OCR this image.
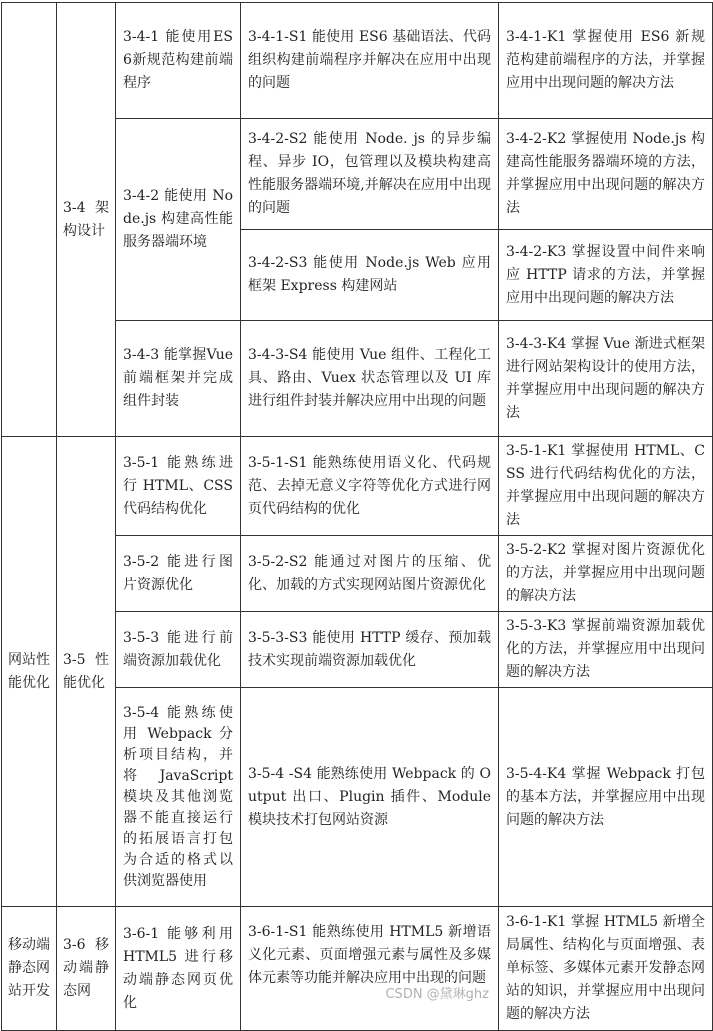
	3-4 架构设计	3-4-1 能使用ES6新规范构建前端程序	3-4-1-S1 能使用 ES6 基础语法、代码组织构建前端程序并解决在应用中出现的问题	3-4-1-K1 掌握使用 ES6 新规范构建前端程序的方法，并掌握应用中出现问题的解决方法
		3-4-2 能使用 Node.js 构建高性能服务器端环境	3-4-2-S2 能使用 Node. js 的异步编程、异步 IO，包管理以及模块构建高性能服务器端环境,并解决在应用中出现的问题	3-4-2-K2 掌握使用 Node.js 构建高性能服务器端环境的方法，并掌握应用中出现问题的解决方法
			3-4-2-S3 能使用 Node.js Web 应用框架 Express 构建网站	3-4-2-K3 掌握设置中间件来响应 HTTP 请求的方法，并掌握应用中出现问题的解决方法
		3-4-3 能掌握Vue 前端框架并完成组件封装	3-4-3-S4 能使用 Vue 组件、工程化工具、路由、Vuex 状态管理以及 UI 库进行组件封装并解决应用中出现的问题	3-4-3-K4 掌握 Vue 渐进式框架进行网站架构设计的使用方法，并掌握应用中出现问题的解决方法
网站性能优化	3-5 性能优化	3-5-1 能熟练进行 HTML、CSS 代码结构优化	3-5-1-S1 能熟练使用语义化、代码规范、去掉无意义字符等优化方式进行网页代码结构的优化	3-5-1-K1 掌握使用 HTML、CSS 进行代码结构优化的方法，并掌握应用中出现问题的解决方法
		3-5-2 能进行图片资源优化	3-5-2-S2 能通过对图片的压缩、优化、加载的方式实现网站图片资源优化	3-5-2-K2 掌握对图片资源优化的方法，并掌握应用中出现问题的解决方法
		3-5-3 能进行前端资源加载优化	3-5-3-S3 能使用 HTTP 缓存、预加载技术实现前端资源加载优化	3-5-3-K3 掌握前端资源加载优化的方法，并掌握应用中出现问题的解决方法
		3-5-4 能熟练使用 Webpack 分析项目结构，并将 JavaScript 模块及其他浏览器不能直接运行的拓展语言打包为合适的格式以供浏览器使用	3-5-4 -S4 能熟练使用 Webpack 的 Output 出口、Plugin 插件、Module 模块技术打包网站资源	3-5-4-K4 掌握 Webpack 打包的基本方法，并掌握应用中出现问题的解决方法
移动端静态网站开发	3-6 移动端静态网	3-6-1 能够利用 HTML5 进行移动端静态网页优化	3-6-1-S1 能熟练使用 HTML5 新增语义化元素、页面增强元素与属性及多媒体元素等功能并解决应用中出现的问题	3-6-1-K1 掌握 HTML5 新增全局属性、结构化与页面增强、表单标签、多媒体元素开发静态网站的知识，并掌握应用中出现问题的解决方法
CSDN @黛琳ghz
